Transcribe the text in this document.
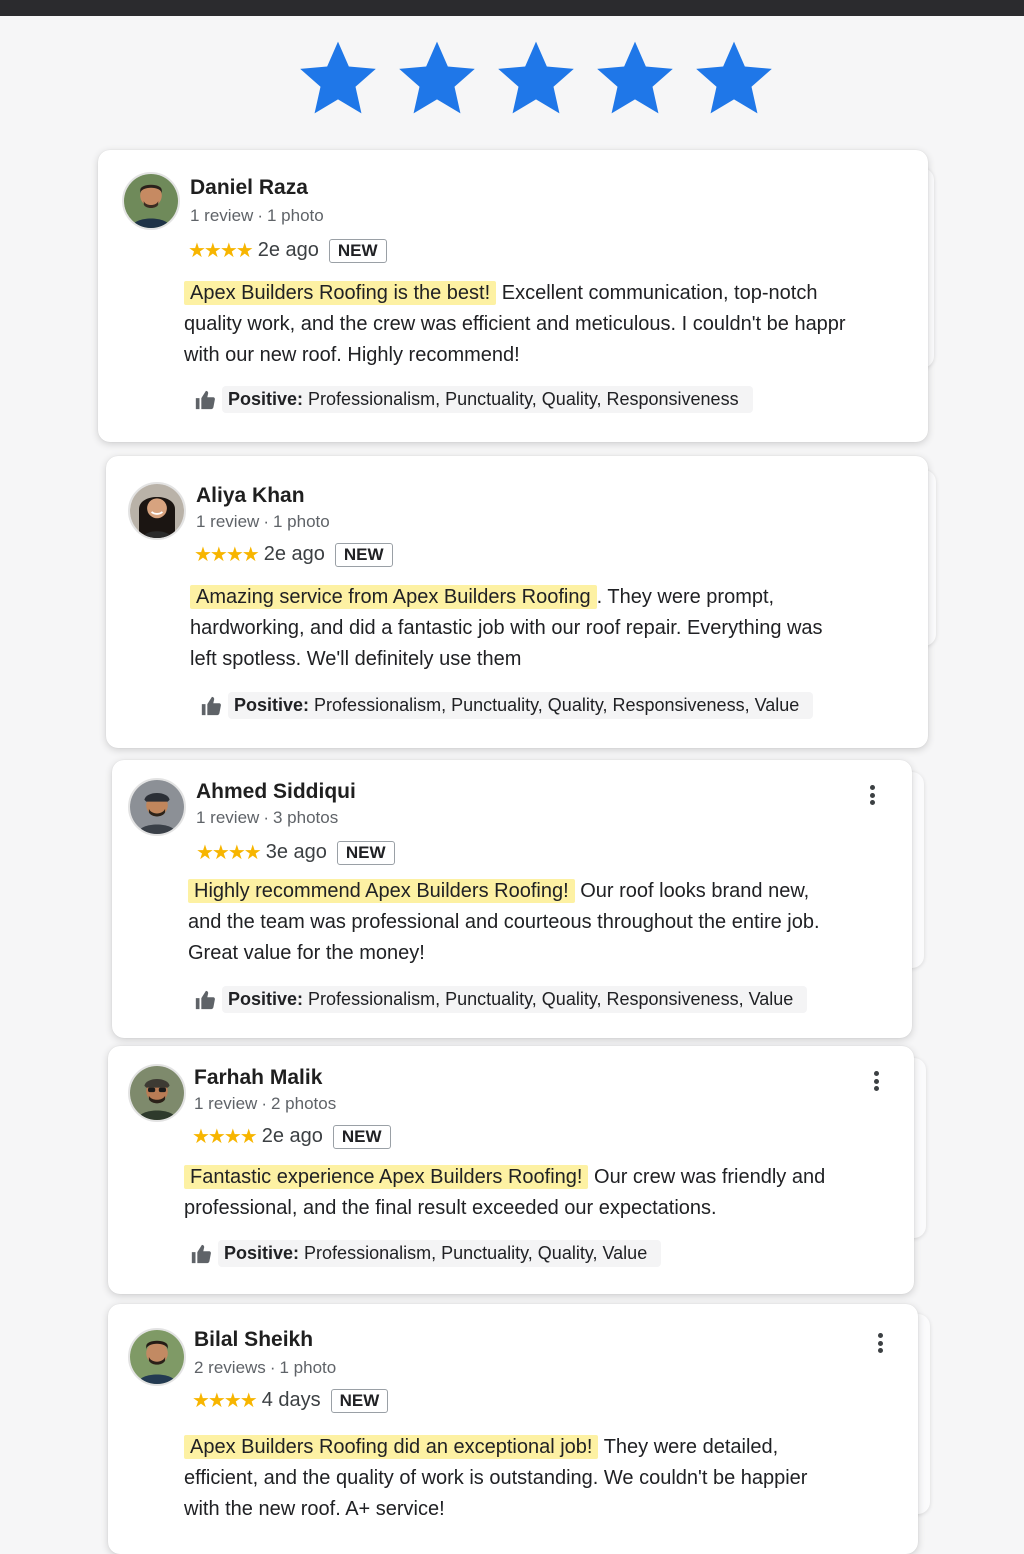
Daniel Raza
1 review · 1 photo
★★★★ 2e ago	NEW
Apex Builders Roofing is the best! Excellent communication, top-notch
quality work, and the crew was efficient and meticulous. I couldn't be happr
with our new roof. Highly recommend!
Positive: Professionalism, Punctuality, Quality, Responsiveness
Aliya Khan
1 review · 1 photo
★★★★ 2e ago	NEW
Amazing service from Apex Builders Roofing . They were prompt,
hardworking, and did a fantastic job with our roof repair. Everything was
left spotless. We'll definitely use them
Positive: Professionalism, Punctuality, Quality, Responsiveness, Value
Ahmed Siddiqui
1 review · 3 photos
★★★★ 3e ago	NEW
Highly recommend Apex Builders Roofing! Our roof looks brand new,
and the team was professional and courteous throughout the entire job.
Great value for the money!
Positive: Professionalism, Punctuality, Quality, Responsiveness, Value
Farhah Malik
1 review · 2 photos
★★★★ 2e ago	NEW
Fantastic experience Apex Builders Roofing! Our crew was friendly and
professional, and the final result exceeded our expectations.
Positive: Professionalism, Punctuality, Quality, Value
Bilal Sheikh
2 reviews · 1 photo
★★★★ 4 days	NEW
Apex Builders Roofing did an exceptional job! They were detailed,
efficient, and the quality of work is outstanding. We couldn't be happier
with the new roof. A+ service!
